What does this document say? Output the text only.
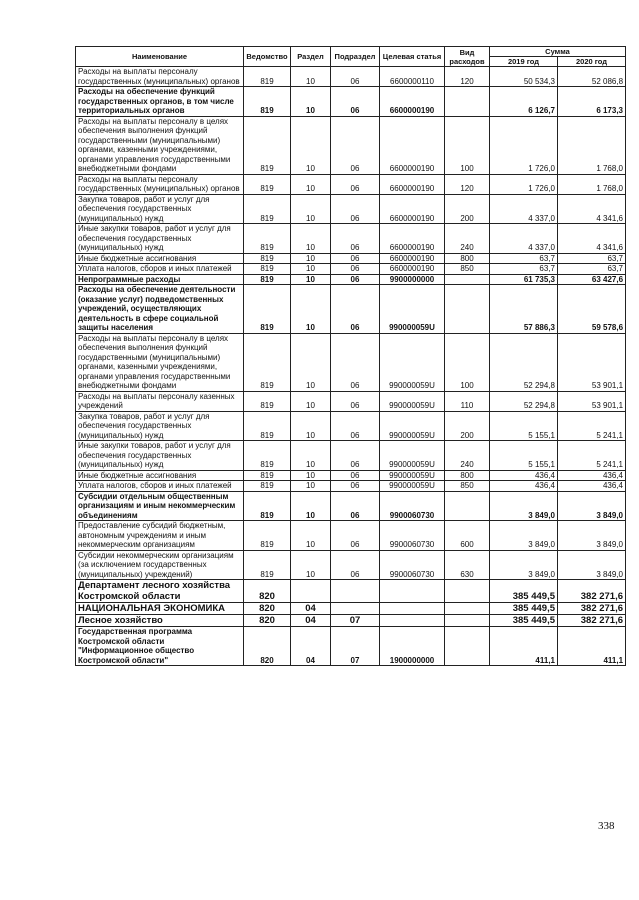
Наименование	Ведомство	Раздел	Подраздел	Целевая статья	Вид расходов	Сумма	
						2019 год	2020 год
Расходы на выплаты персоналу государственных (муниципальных) органов	819	10	06	6600000110	120	50 534,3	52 086,8
Расходы на обеспечение функций государственных органов, в том числе территориальных органов	819	10	06	6600000190		6 126,7	6 173,3
Расходы на выплаты персоналу в целях обеспечения выполнения функций государственными (муниципальными) органами, казенными учреждениями, органами управления государственными внебюджетными фондами	819	10	06	6600000190	100	1 726,0	1 768,0
Расходы на выплаты персоналу государственных (муниципальных) органов	819	10	06	6600000190	120	1 726,0	1 768,0
Закупка товаров, работ и услуг для обеспечения государственных (муниципальных) нужд	819	10	06	6600000190	200	4 337,0	4 341,6
Иные закупки товаров, работ и услуг для обеспечения государственных (муниципальных) нужд	819	10	06	6600000190	240	4 337,0	4 341,6
Иные бюджетные ассигнования	819	10	06	6600000190	800	63,7	63,7
Уплата налогов, сборов и иных платежей	819	10	06	6600000190	850	63,7	63,7
Непрограммные расходы	819	10	06	9900000000		61 735,3	63 427,6
Расходы на обеспечение деятельности (оказание услуг) подведомственных учреждений, осуществляющих деятельность в сфере социальной защиты населения	819	10	06	990000059U		57 886,3	59 578,6
Расходы на выплаты персоналу в целях обеспечения выполнения функций государственными (муниципальными) органами, казенными учреждениями, органами управления государственными внебюджетными фондами	819	10	06	990000059U	100	52 294,8	53 901,1
Расходы на выплаты персоналу казенных учреждений	819	10	06	990000059U	110	52 294,8	53 901,1
Закупка товаров, работ и услуг для обеспечения государственных (муниципальных) нужд	819	10	06	990000059U	200	5 155,1	5 241,1
Иные закупки товаров, работ и услуг для обеспечения государственных (муниципальных) нужд	819	10	06	990000059U	240	5 155,1	5 241,1
Иные бюджетные ассигнования	819	10	06	990000059U	800	436,4	436,4
Уплата налогов, сборов и иных платежей	819	10	06	990000059U	850	436,4	436,4
Субсидии отдельным общественным организациям и иным некоммерческим объединениям	819	10	06	9900060730		3 849,0	3 849,0
Предоставление субсидий бюджетным, автономным учреждениям и иным некоммерческим организациям	819	10	06	9900060730	600	3 849,0	3 849,0
Субсидии некоммерческим организациям (за исключением государственных (муниципальных) учреждений)	819	10	06	9900060730	630	3 849,0	3 849,0
Департамент лесного хозяйства Костромской области	820					385 449,5	382 271,6
НАЦИОНАЛЬНАЯ ЭКОНОМИКА	820	04				385 449,5	382 271,6
Лесное хозяйство	820	04	07			385 449,5	382 271,6
Государственная программа Костромской области "Информационное общество Костромской области"	820	04	07	1900000000		411,1	411,1
338
